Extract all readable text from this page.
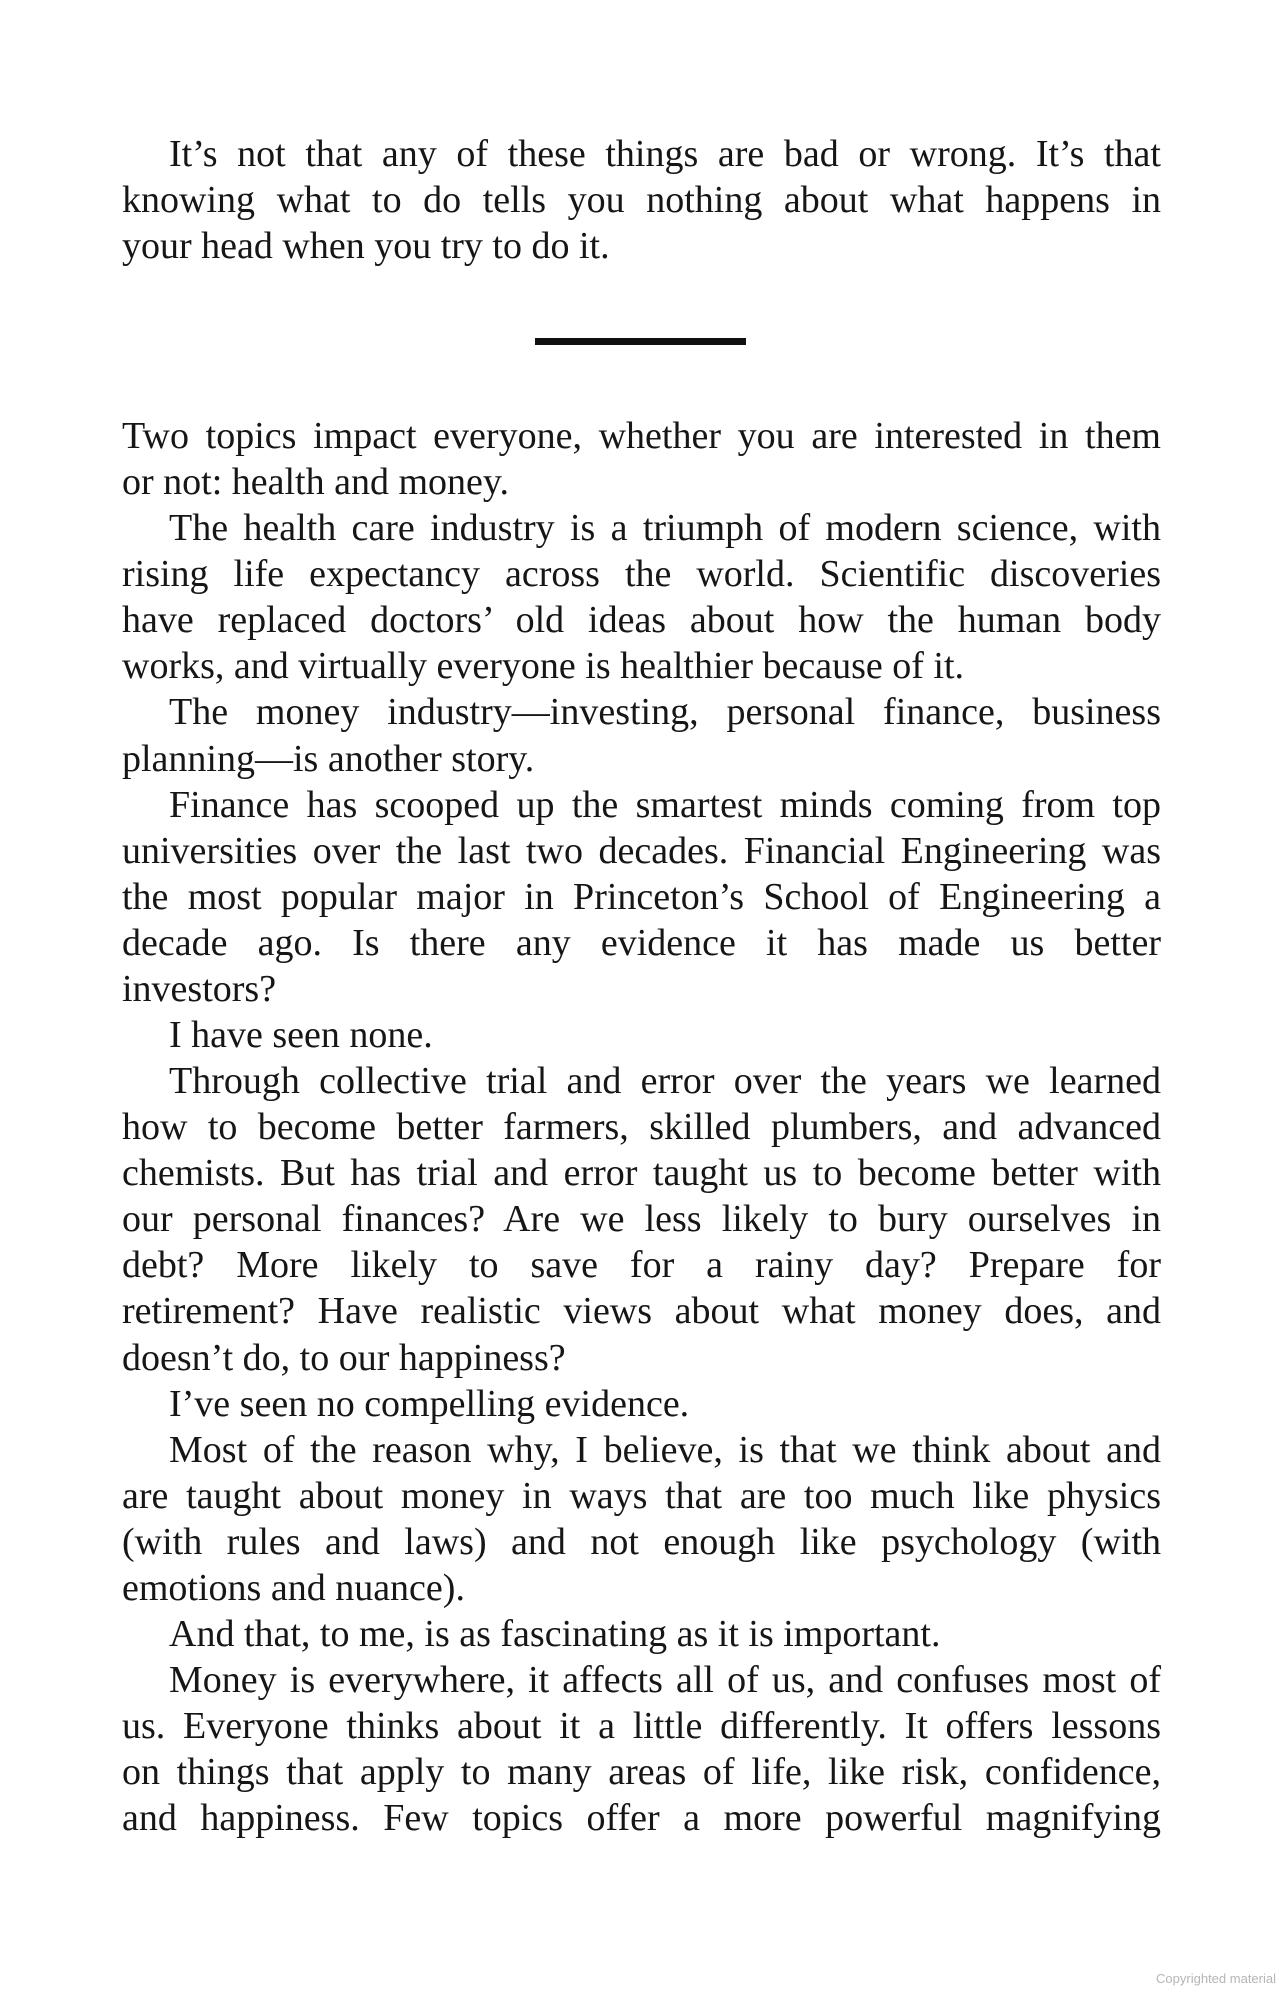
It’s not that any of these things are bad or wrong. It’s that
knowing what to do tells you nothing about what happens in
your head when you try to do it.
Two topics impact everyone, whether you are interested in them
or not: health and money.
The health care industry is a triumph of modern science, with
rising life expectancy across the world. Scientific discoveries
have replaced doctors’ old ideas about how the human body
works, and virtually everyone is healthier because of it.
The money industry—investing, personal finance, business
planning—is another story.
Finance has scooped up the smartest minds coming from top
universities over the last two decades. Financial Engineering was
the most popular major in Princeton’s School of Engineering a
decade ago. Is there any evidence it has made us better
investors?
I have seen none.
Through collective trial and error over the years we learned
how to become better farmers, skilled plumbers, and advanced
chemists. But has trial and error taught us to become better with
our personal finances? Are we less likely to bury ourselves in
debt? More likely to save for a rainy day? Prepare for
retirement? Have realistic views about what money does, and
doesn’t do, to our happiness?
I’ve seen no compelling evidence.
Most of the reason why, I believe, is that we think about and
are taught about money in ways that are too much like physics
(with rules and laws) and not enough like psychology (with
emotions and nuance).
And that, to me, is as fascinating as it is important.
Money is everywhere, it affects all of us, and confuses most of
us. Everyone thinks about it a little differently. It offers lessons
on things that apply to many areas of life, like risk, confidence,
and happiness. Few topics offer a more powerful magnifying
Copyrighted material
